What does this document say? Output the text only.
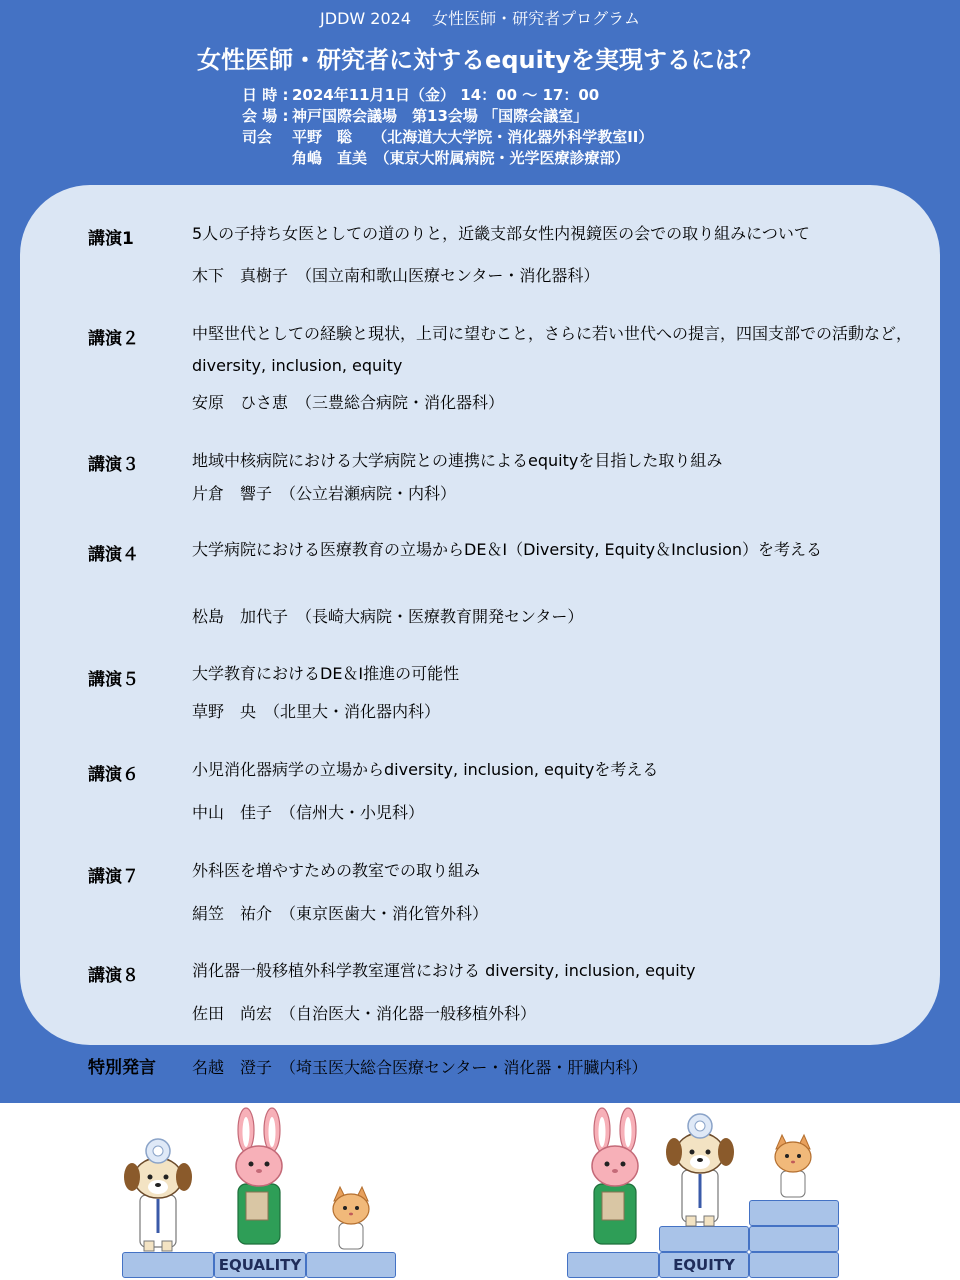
JDDW 2024　 女性医師・研究者プログラム
女性医師・研究者に対するequityを実現するには？
日 時 : 2024年11月1日（金） 14：00 ～ 17：00
会 場 : 神戸国際会議場　第13会場 「国際会議室」
司会 平野　聡　 （北海道大大学院・消化器外科学教室II）
角嶋　直美　（東京大附属病院・光学医療診療部）
講演1	5人の子持ち女医としての道のりと，近畿支部女性内視鏡医の会での取り組みについて
木下　真樹子　（国立南和歌山医療センター・消化器科）
講演２	中堅世代としての経験と現状，上司に望むこと，さらに若い世代への提言，四国支部での活動など，diversity, inclusion, equity
安原　ひさ恵　（三豊総合病院・消化器科）
講演３	地域中核病院における大学病院との連携によるequityを目指した取り組み
片倉　響子　（公立岩瀬病院・内科）
講演４	大学病院における医療教育の立場からDE＆I（Diversity, Equity＆Inclusion）を考える
松島　加代子　（長崎大病院・医療教育開発センター）
講演５	大学教育におけるDE＆I推進の可能性
草野　央　（北里大・消化器内科）
講演６	小児消化器病学の立場からdiversity, inclusion, equityを考える
中山　佳子　（信州大・小児科）
講演７	外科医を増やすための教室での取り組み
絹笠　祐介　（東京医歯大・消化管外科）
講演８	消化器一般移植外科学教室運営における diversity, inclusion, equity
佐田　尚宏　（自治医大・消化器一般移植外科）
特別発言 名越　澄子　（埼玉医大総合医療センター・消化器・肝臓内科）
EQUALITY	EQUITY
